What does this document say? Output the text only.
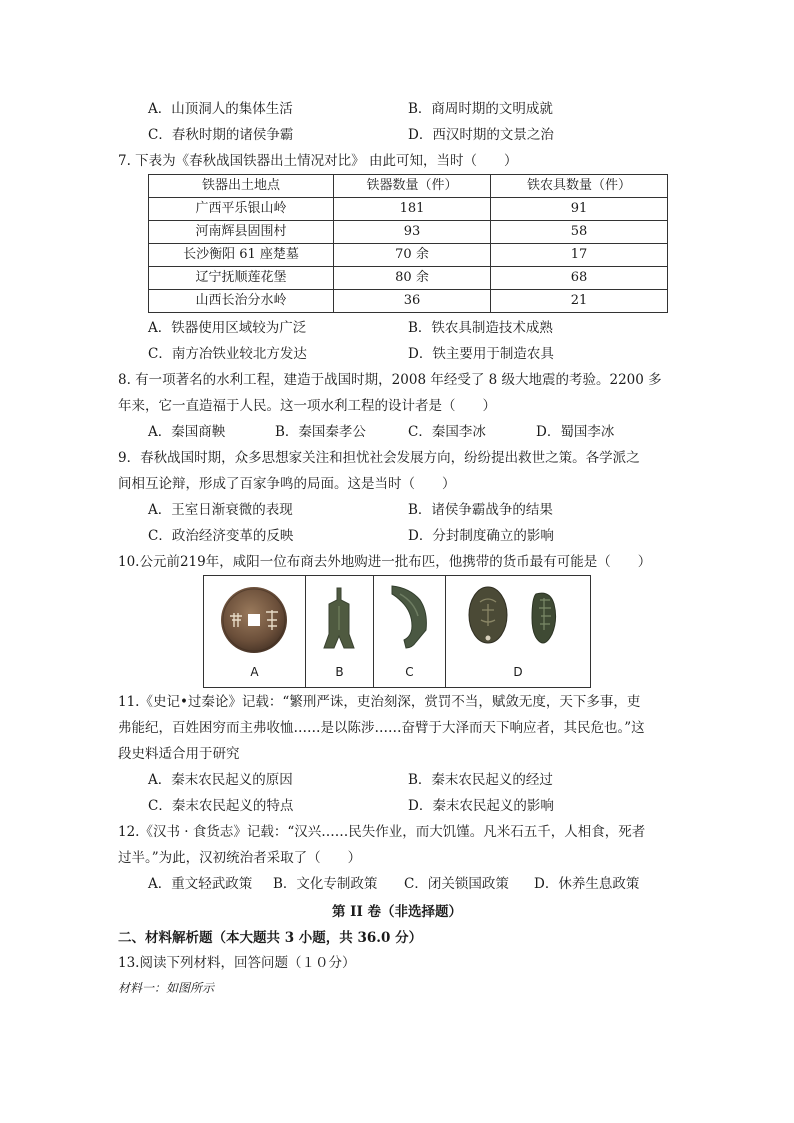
A．山顶洞人的集体生活	B．商周时期的文明成就
C．春秋时期的诸侯争霸	D．西汉时期的文景之治
7. 下表为《春秋战国铁器出土情况对比》 由此可知，当时（　　）
铁器出土地点	铁器数量（件）	铁农具数量（件）
广西平乐银山岭	181	91
河南辉县固围村	93	58
长沙衡阳 61 座楚墓	70 余	17
辽宁抚顺莲花堡	80 余	68
山西长治分水岭	36	21
A．铁器使用区域较为广泛	B．铁农具制造技术成熟
C．南方冶铁业较北方发达	D．铁主要用于制造农具
8. 有一项著名的水利工程，建造于战国时期，2008 年经受了 8 级大地震的考验。2200 多
年来，它一直造福于人民。这一项水利工程的设计者是（　　）
A．秦国商鞅	B．秦国秦孝公	C．秦国李冰	D．蜀国李冰
9．春秋战国时期，众多思想家关注和担忧社会发展方向，纷纷提出救世之策。各学派之
间相互论辩，形成了百家争鸣的局面。这是当时（　　）
A．王室日渐衰微的表现	B．诸侯争霸战争的结果
C．政治经济变革的反映	D．分封制度确立的影响
10.公元前219年，咸阳一位布商去外地购进一批布匹，他携带的货币最有可能是（　　）
A	B	C	D
11.《史记•过秦论》记载：“繁刑严诛，吏治刻深，赏罚不当，赋敛无度，天下多事，吏
弗能纪，百姓困穷而主弗收恤……是以陈涉……奋臂于大泽而天下响应者，其民危也。”这
段史料适合用于研究
A．秦末农民起义的原因	B．秦末农民起义的经过
C．秦末农民起义的特点	D．秦末农民起义的影响
12.《汉书 · 食货志》记载：“汉兴……民失作业，而大饥馑。凡米石五千，人相食，死者
过半。”为此，汉初统治者采取了（　　）
A．重文轻武政策 B．文化专制政策 C．闭关锁国政策 D．休养生息政策
第 II 卷（非选择题）
二、材料解析题（本大题共 3 小题，共 36.0 分）
13.阅读下列材料，回答问题（１０分）
材料一：如图所示
